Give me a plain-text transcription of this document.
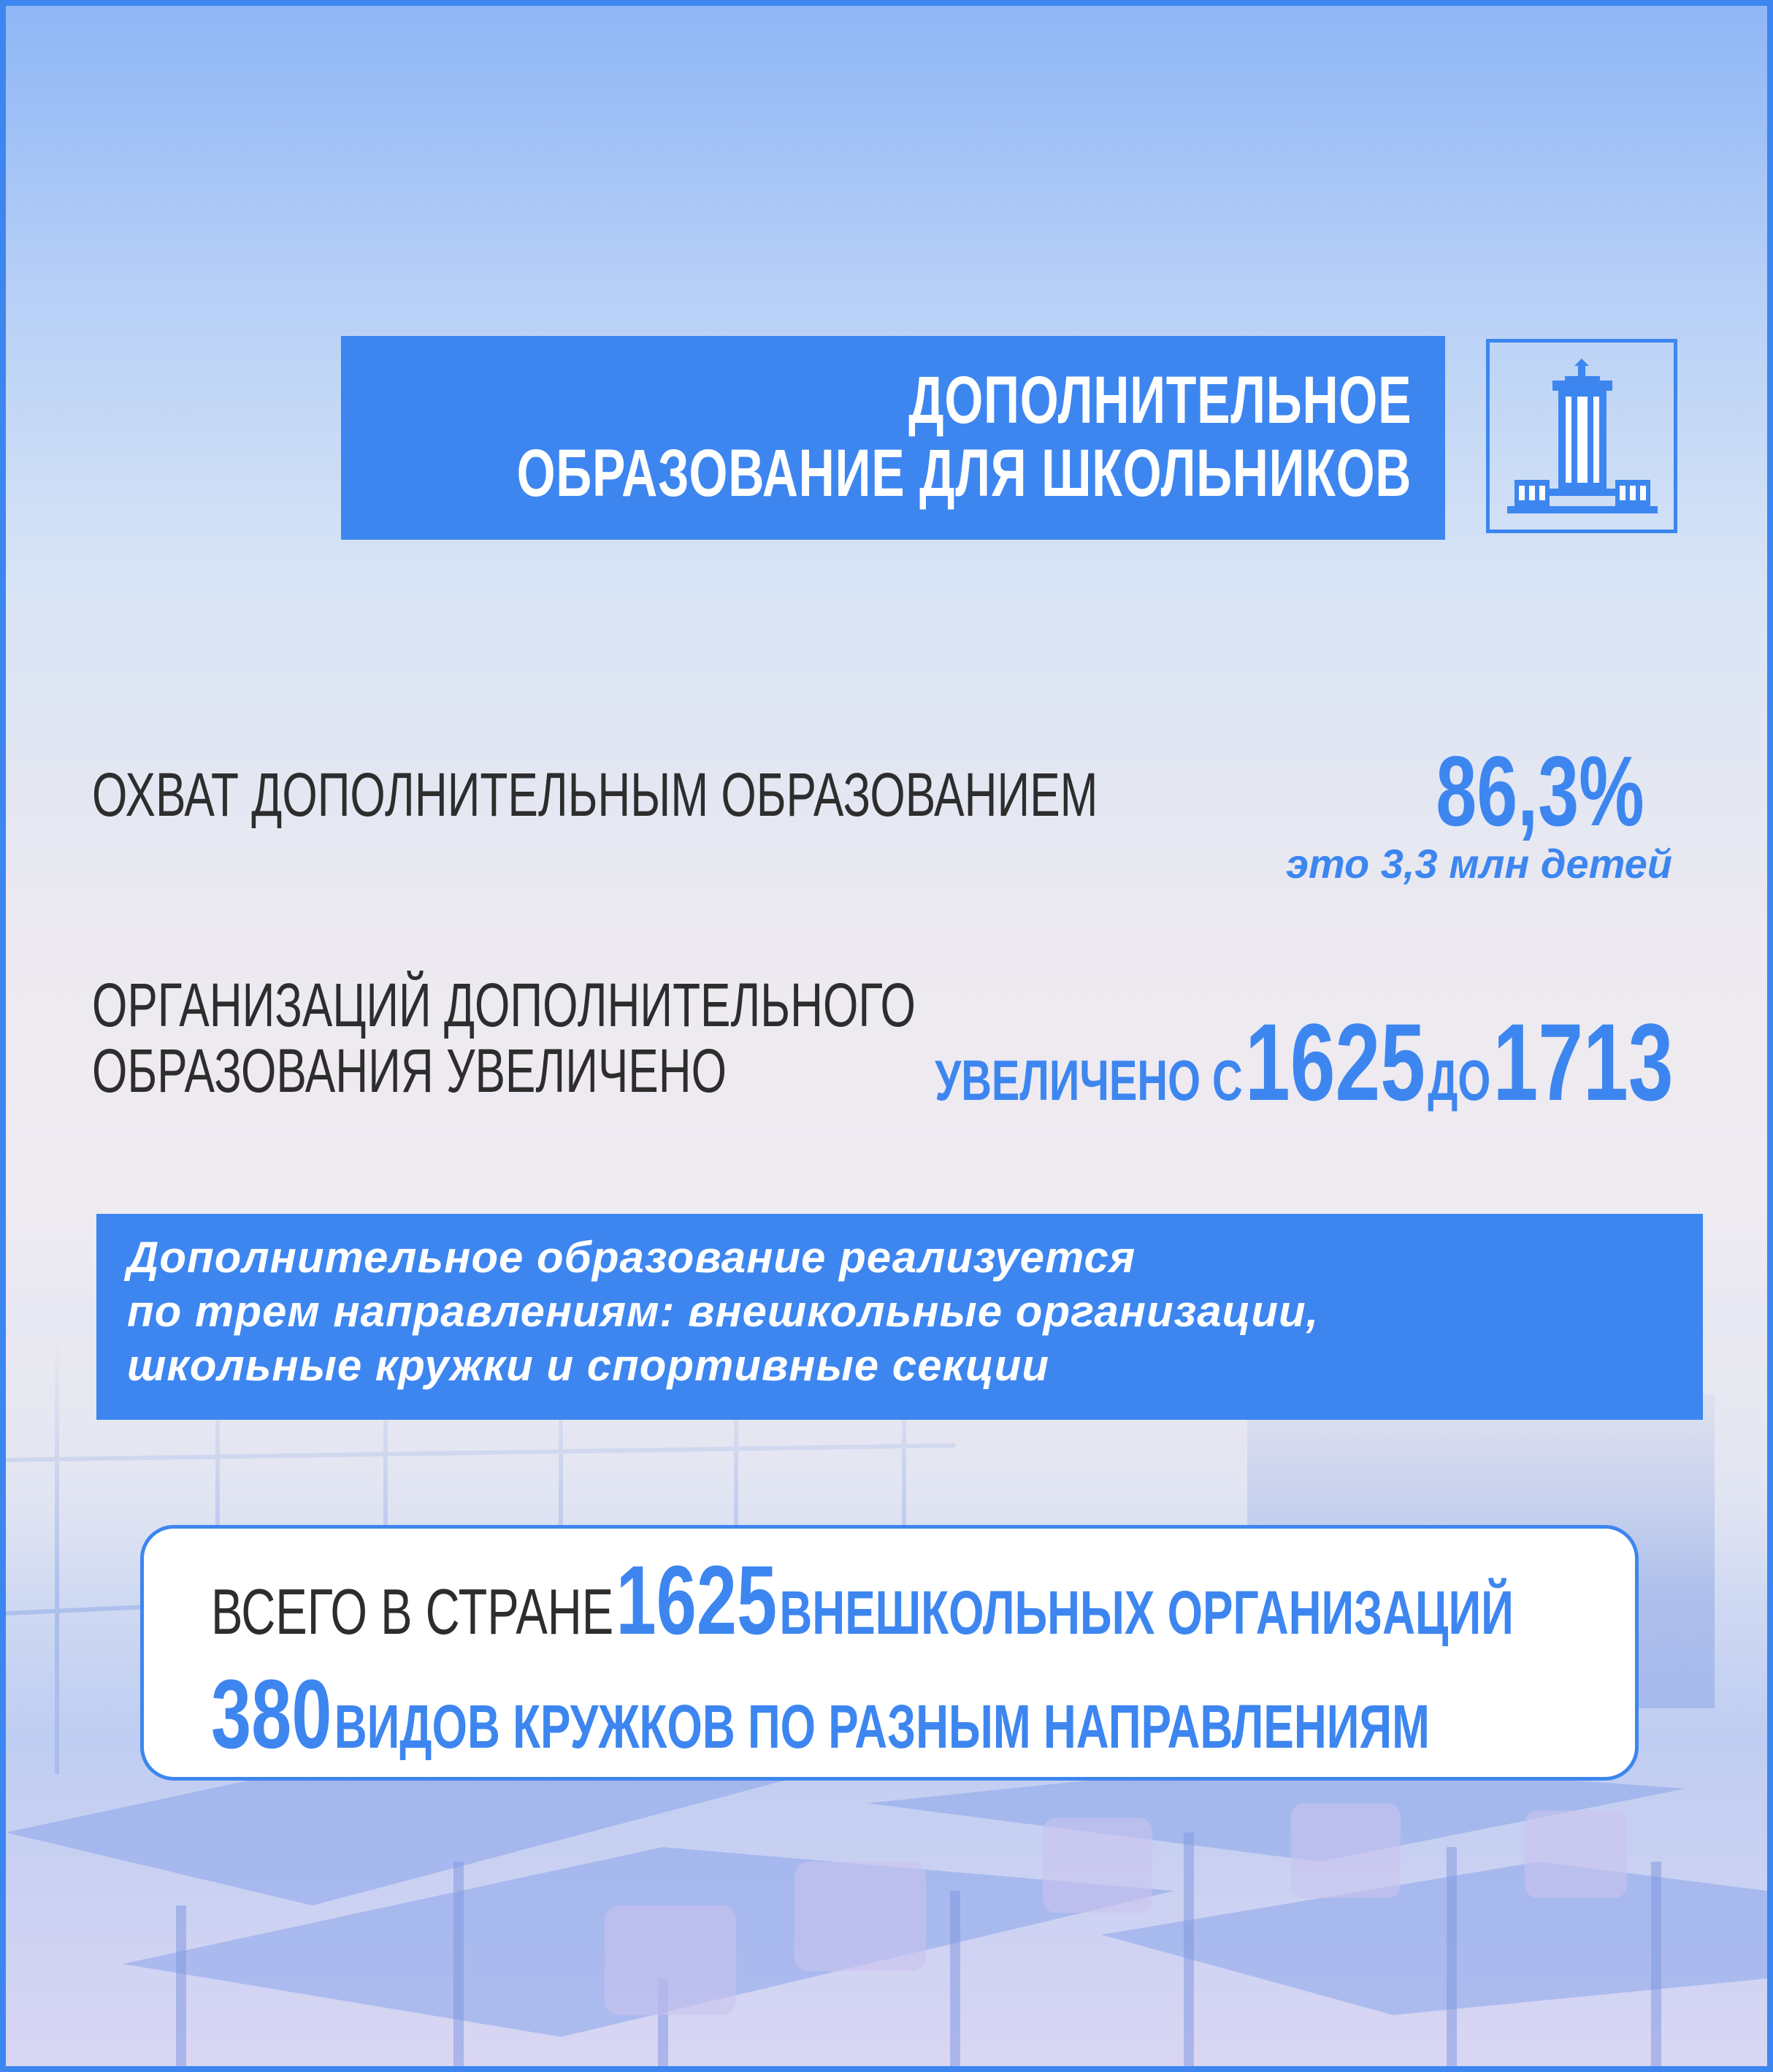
ДОПОЛНИТЕЛЬНОЕ
ОБРАЗОВАНИЕ ДЛЯ ШКОЛЬНИКОВ
ОХВАТ ДОПОЛНИТЕЛЬНЫМ ОБРАЗОВАНИЕМ	86,3%
это 3,3 млн детей
ОРГАНИЗАЦИЙ ДОПОЛНИТЕЛЬНОГО
ОБРАЗОВАНИЯ УВЕЛИЧЕНО	УВЕЛИЧЕНО С 1625 ДО 1713
Дополнительное образование реализуется
по трем направлениям: внешкольные организации,
школьные кружки и спортивные секции
ВСЕГО В СТРАНЕ 1625 ВНЕШКОЛЬНЫХ ОРГАНИЗАЦИЙ
380 ВИДОВ КРУЖКОВ ПО РАЗНЫМ НАПРАВЛЕНИЯМ
